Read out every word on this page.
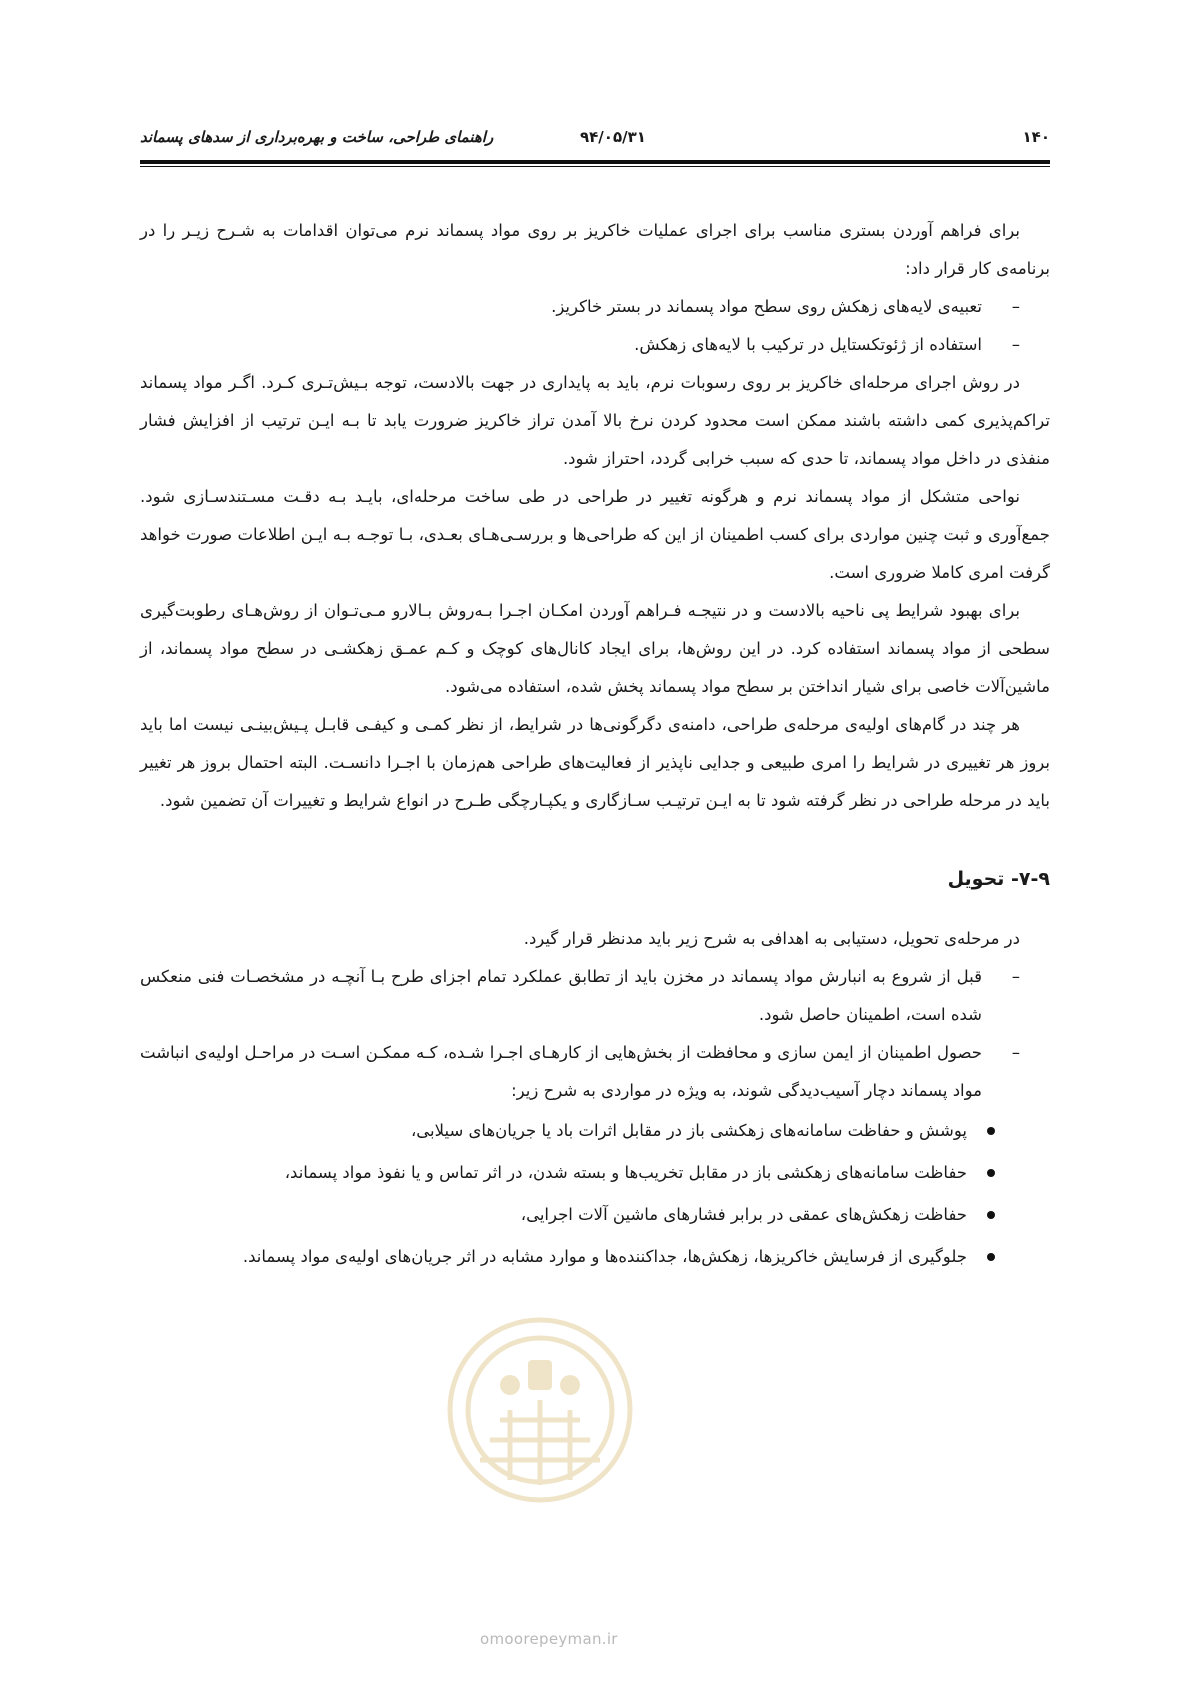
۱۴۰
۹۴/۰۵/۳۱
راهنمای طراحی، ساخت و بهره‌برداری از سدهای پسماند

برای فراهم آوردن بستری مناسب برای اجرای عملیات خاکریز بر روی مواد پسماند نرم می‌توان اقدامات به شـرح زیـر را در برنامه‌ی کار قرار داد:

–
تعبیه‌ی لایه‌های زهکش روی سطح مواد پسماند در بستر خاکریز.
–
استفاده از ژئوتکستایل در ترکیب با لایه‌های زهکش.

در روش اجرای مرحله‌ای خاکریز بر روی رسوبات نرم، باید به پایداری در جهت بالادست، توجه بـیش‌تـری کـرد. اگـر مواد پسماند تراکم‌پذیری کمی داشته باشند ممکن است محدود کردن نرخ بالا آمدن تراز خاکریز ضرورت یابد تا بـه ایـن ترتیب از افزایش فشار منفذی در داخل مواد پسماند، تا حدی که سبب خرابی گردد، احتراز شود.

نواحی متشکل از مواد پسماند نرم و هرگونه تغییر در طراحی در طی ساخت مرحله‌ای، بایـد بـه دقـت مسـتندسـازی شود. جمع‌آوری و ثبت چنین مواردی برای کسب اطمینان از این که طراحی‌ها و بررسـی‌هـای بعـدی، بـا توجـه بـه ایـن اطلاعات صورت خواهد گرفت امری کاملا ضروری است.

برای بهبود شرایط پی ناحیه بالادست و در نتیجـه فـراهم آوردن امکـان اجـرا بـه‌روش بـالارو مـی‌تـوان از روش‌هـای رطوبت‌گیری سطحی از مواد پسماند استفاده کرد. در این روش‌ها، برای ایجاد کانال‌های کوچک و کـم عمـق زهکشـی در سطح مواد پسماند، از ماشین‌آلات خاصی برای شیار انداختن بر سطح مواد پسماند پخش شده، استفاده می‌شود.

هر چند در گام‌های اولیه‌ی مرحله‌ی طراحی، دامنه‌ی دگرگونی‌ها در شرایط، از نظر کمـی و کیفـی قابـل پـیش‌بینـی نیست اما باید بروز هر تغییری در شرایط را امری طبیعی و جدایی ناپذیر از فعالیت‌های طراحی هم‌زمان با اجـرا دانسـت. البته احتمال بروز هر تغییر باید در مرحله طراحی در نظر گرفته شود تا به ایـن ترتیـب سـازگاری و یکپـارچگی طـرح در انواع شرایط و تغییرات آن تضمین شود.

۷-۹- تحویل

در مرحله‌ی تحویل، دستیابی به اهدافی به شرح زیر باید مدنظر قرار گیرد.

–
قبل از شروع به انبارش مواد پسماند در مخزن باید از تطابق عملکرد تمام اجزای طرح بـا آنچـه در مشخصـات فنی منعکس شده است، اطمینان حاصل شود.
–
حصول اطمینان از ایمن سازی و محافظت از بخش‌هایی از کارهـای اجـرا شـده، کـه ممکـن اسـت در مراحـل اولیه‌ی انباشت مواد پسماند دچار آسیب‌دیدگی شوند، به ویژه در مواردی به شرح زیر:
پوشش و حفاظت سامانه‌های زهکشی باز در مقابل اثرات باد یا جریان‌های سیلابی،
حفاظت سامانه‌های زهکشی باز در مقابل تخریب‌ها و بسته شدن، در اثر تماس و یا نفوذ مواد پسماند،
حفاظت زهکش‌های عمقی در برابر فشارهای ماشین آلات اجرایی،
جلوگیری از فرسایش خاکریزها، زهکش‌ها، جداکننده‌ها و موارد مشابه در اثر جریان‌های اولیه‌ی مواد پسماند.
omoorepeyman.ir
